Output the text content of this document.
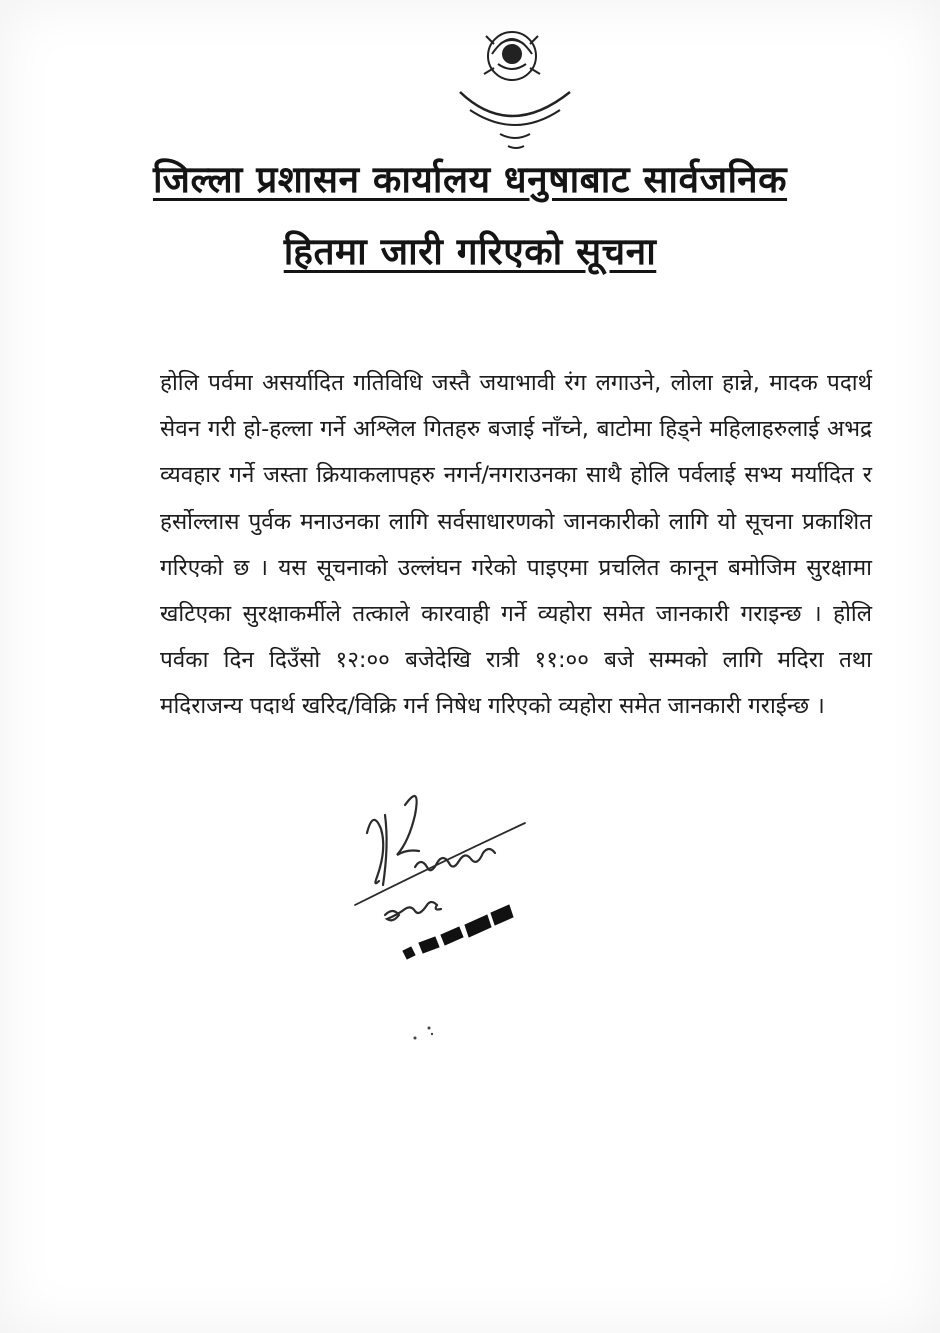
जिल्ला प्रशासन कार्यालय धनुषाबाट सार्वजनिक
हितमा जारी गरिएको सूचना

होलि पर्वमा असर्यादित गतिविधि जस्तै जयाभावी रंग लगाउने, लोला हान्ने, मादक पदार्थ सेवन गरी हो-हल्ला गर्ने अश्लिल गितहरु बजाई नाँच्ने, बाटोमा हिड्ने महिलाहरुलाई अभद्र व्यवहार गर्ने जस्ता क्रियाकलापहरु नगर्न/नगराउनका साथै होलि पर्वलाई सभ्य मर्यादित र हर्सोल्लास पुर्वक मनाउनका लागि सर्वसाधारणको जानकारीको लागि यो सूचना प्रकाशित गरिएको छ । यस सूचनाको उल्लंघन गरेको पाइएमा प्रचलित कानून बमोजिम सुरक्षामा खटिएका सुरक्षाकर्मीले तत्काले कारवाही गर्ने व्यहोरा समेत जानकारी गराइन्छ । होलि पर्वका दिन दिउँसो १२:०० बजेदेखि रात्री ११:०० बजे सम्मको लागि मदिरा तथा मदिराजन्य पदार्थ खरिद/विक्रि गर्न निषेध गरिएको व्यहोरा समेत जानकारी गराईन्छ ।
